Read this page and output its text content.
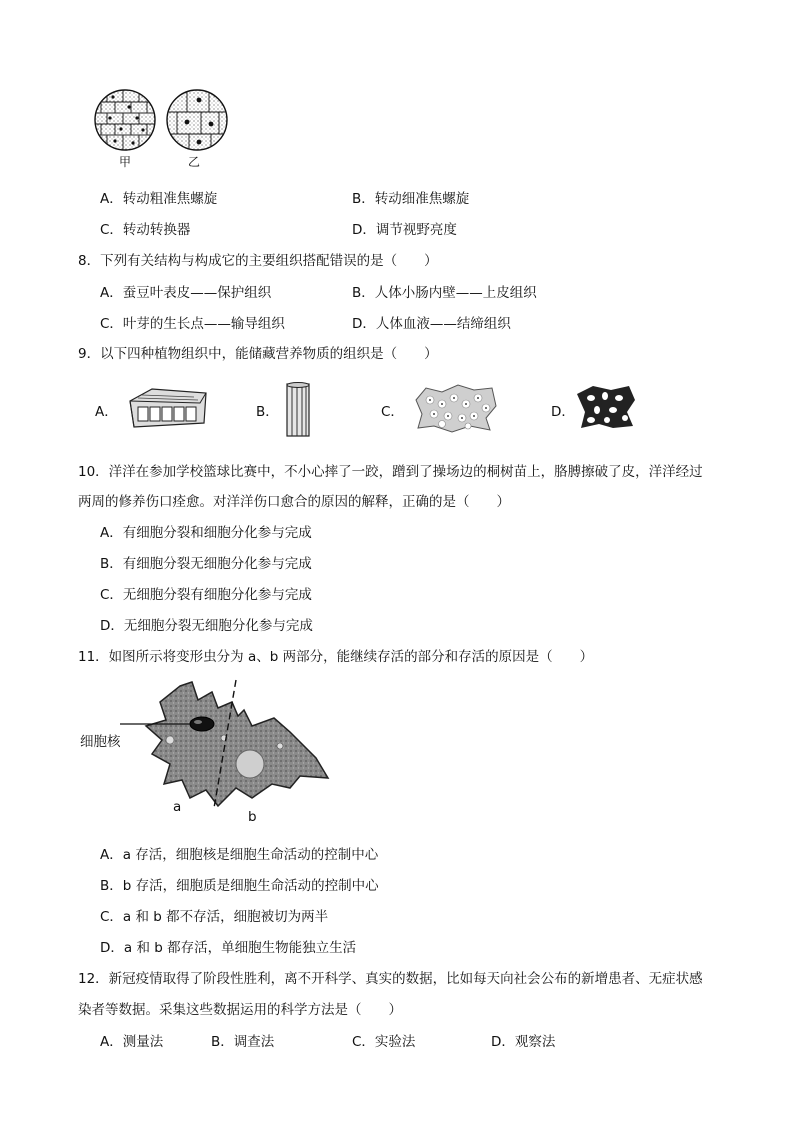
甲	乙
A．转动粗准焦螺旋	B．转动细准焦螺旋
C．转动转换器	D．调节视野亮度
8．下列有关结构与构成它的主要组织搭配错误的是（　　）
A．蚕豆叶表皮——保护组织	B．人体小肠内壁——上皮组织
C．叶芽的生长点——输导组织	D．人体血液——结缔组织
9．以下四种植物组织中，能储藏营养物质的组织是（　　）
A．	B．	C．	D．
10．洋洋在参加学校篮球比赛中，不小心摔了一跤，蹭到了操场边的桐树苗上，胳膊擦破了皮，洋洋经过
两周的修养伤口痊愈。对洋洋伤口愈合的原因的解释，正确的是（　　）
A．有细胞分裂和细胞分化参与完成
B．有细胞分裂无细胞分化参与完成
C．无细胞分裂有细胞分化参与完成
D．无细胞分裂无细胞分化参与完成
11．如图所示将变形虫分为 a、b 两部分，能继续存活的部分和存活的原因是（　　）
细胞核
a
b
A．a 存活，细胞核是细胞生命活动的控制中心
B．b 存活，细胞质是细胞生命活动的控制中心
C．a 和 b 都不存活，细胞被切为两半
D．a 和 b 都存活，单细胞生物能独立生活
12．新冠疫情取得了阶段性胜利，离不开科学、真实的数据，比如每天向社会公布的新增患者、无症状感
染者等数据。采集这些数据运用的科学方法是（　　）
A．测量法	B．调查法	C．实验法	D．观察法
